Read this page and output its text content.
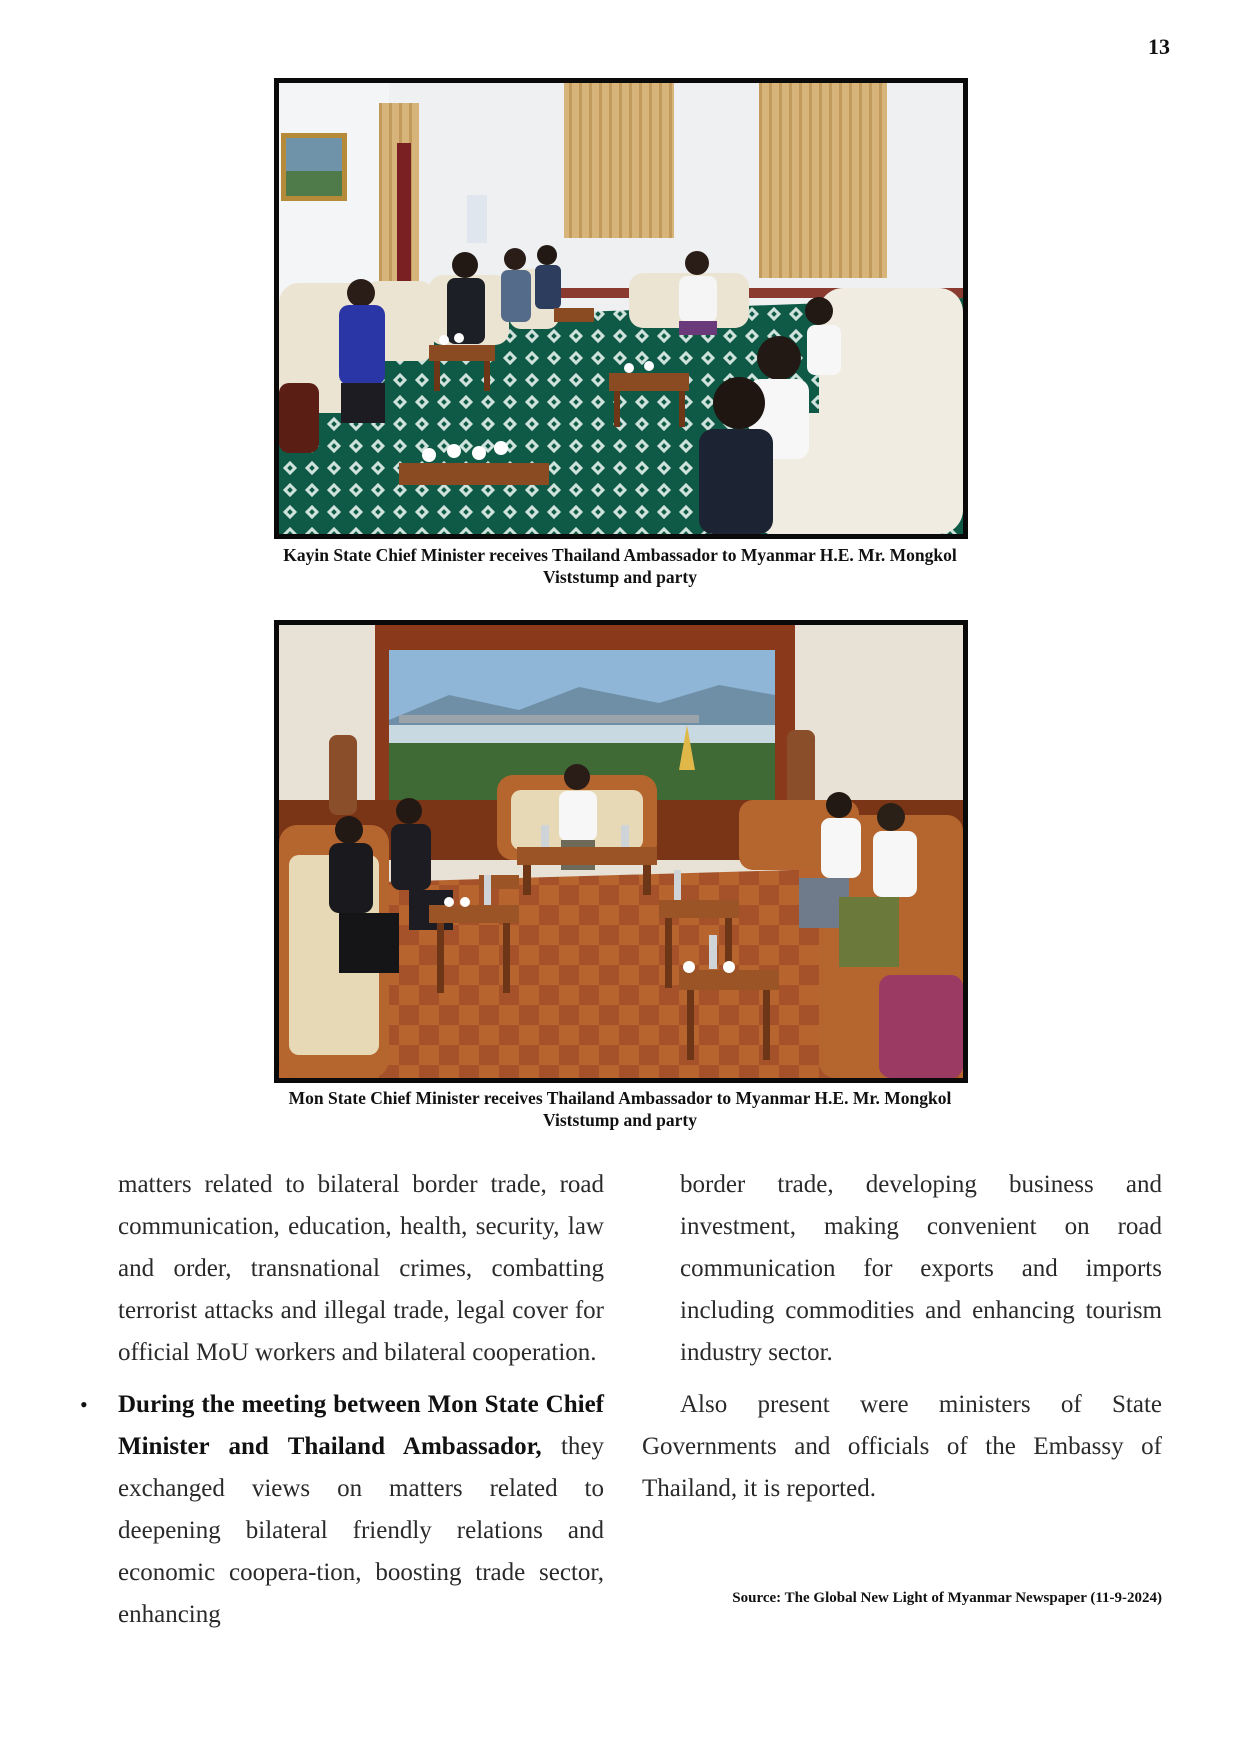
13
Kayin State Chief Minister receives Thailand Ambassador to Myanmar H.E. Mr. Mongkol
Viststump and party
Mon State Chief Minister receives Thailand Ambassador to Myanmar H.E. Mr. Mongkol
Viststump and party

matters related to bilateral border trade, road communication, education, health, security, law and order, transnational crimes, combatting terrorist attacks and illegal trade, legal cover for official MoU workers and bilateral cooperation.

• During the meeting between Mon State Chief Minister and Thailand Ambassador, they exchanged views on matters related to deepening bilateral friendly relations and economic coopera-tion, boosting trade sector, enhancing

border trade, developing business and investment, making convenient on road communication for exports and imports including commodities and enhancing tourism industry sector.

Also present were ministers of State Governments and officials of the Embassy of Thailand, it is reported.

Source: The Global New Light of Myanmar Newspaper (11-9-2024)
